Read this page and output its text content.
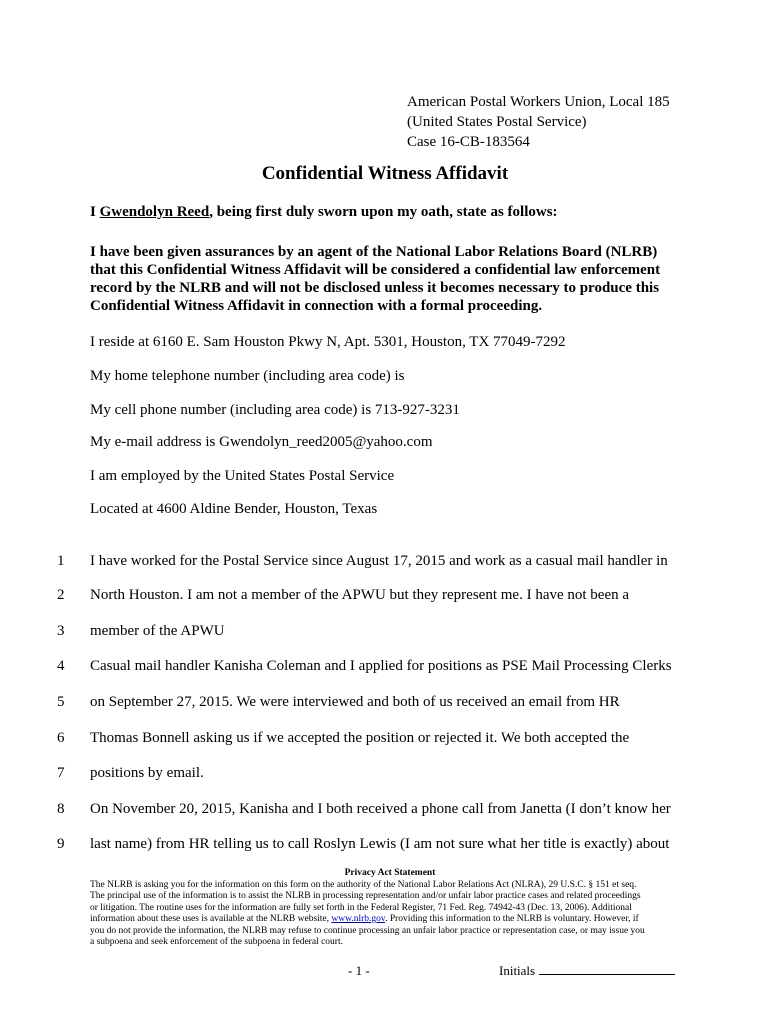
American Postal Workers Union, Local 185
(United States Postal Service)
Case 16-CB-183564
Confidential Witness Affidavit
I Gwendolyn Reed, being first duly sworn upon my oath, state as follows:
I have been given assurances by an agent of the National Labor Relations Board (NLRB)
that this Confidential Witness Affidavit will be considered a confidential law enforcement
record by the NLRB and will not be disclosed unless it becomes necessary to produce this
Confidential Witness Affidavit in connection with a formal proceeding.
I reside at 6160 E. Sam Houston Pkwy N, Apt. 5301, Houston, TX 77049-7292
My home telephone number (including area code) is
My cell phone number (including area code) is 713-927-3231
My e-mail address is Gwendolyn_reed2005@yahoo.com
I am employed by the United States Postal Service
Located at 4600 Aldine Bender, Houston, Texas
1	I have worked for the Postal Service since August 17, 2015 and work as a casual mail handler in
2	North Houston. I am not a member of the APWU but they represent me. I have not been a
3	member of the APWU
4	Casual mail handler Kanisha Coleman and I applied for positions as PSE Mail Processing Clerks
5	on September 27, 2015. We were interviewed and both of us received an email from HR
6	Thomas Bonnell asking us if we accepted the position or rejected it. We both accepted the
7	positions by email.
8	On November 20, 2015, Kanisha and I both received a phone call from Janetta (I don’t know her
9	last name) from HR telling us to call Roslyn Lewis (I am not sure what her title is exactly) about
Privacy Act Statement
The NLRB is asking you for the information on this form on the authority of the National Labor Relations Act (NLRA), 29 U.S.C. § 151 et seq.
The principal use of the information is to assist the NLRB in processing representation and/or unfair labor practice cases and related proceedings
or litigation. The routine uses for the information are fully set forth in the Federal Register, 71 Fed. Reg. 74942-43 (Dec. 13, 2006). Additional
information about these uses is available at the NLRB website, www.nlrb.gov. Providing this information to the NLRB is voluntary. However, if
you do not provide the information, the NLRB may refuse to continue processing an unfair labor practice or representation case, or may issue you
a subpoena and seek enforcement of the subpoena in federal court.
- 1 -	Initials
